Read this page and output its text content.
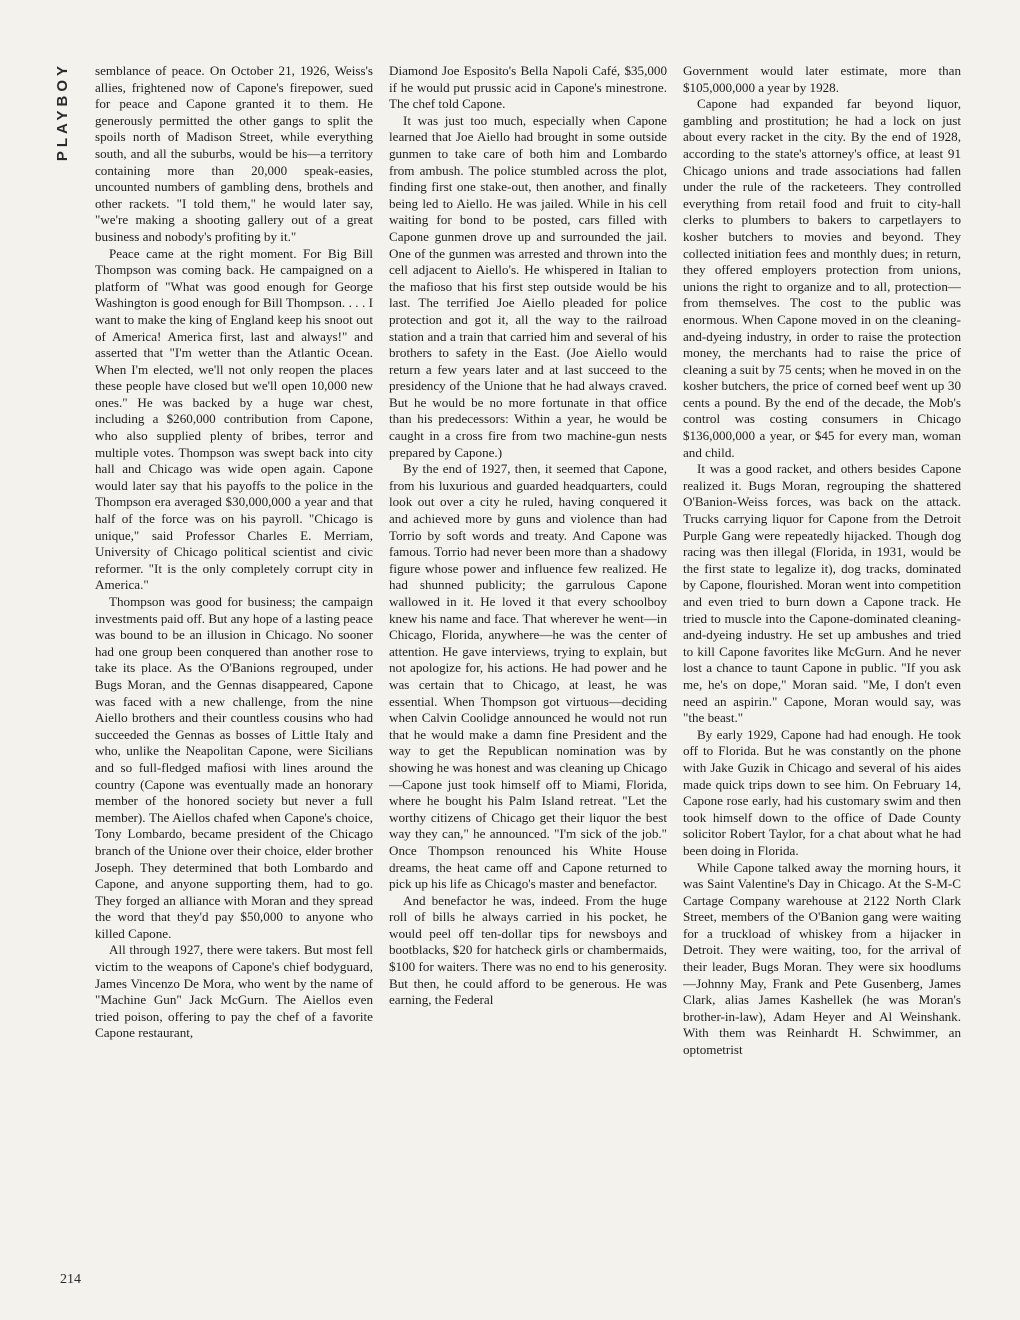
PLAYBOY	semblance of peace. On October 21, 1926, Weiss's allies, frightened now of Capone's firepower, sued for peace and Capone granted it to them. He generously permitted the other gangs to split the spoils north of Madison Street, while everything south, and all the suburbs, would be his—a territory containing more than 20,000 speak-easies, uncounted numbers of gambling dens, brothels and other rackets. "I told them," he would later say, "we're making a shooting gallery out of a great business and nobody's profiting by it."

Peace came at the right moment. For Big Bill Thompson was coming back. He campaigned on a platform of "What was good enough for George Washington is good enough for Bill Thompson. . . . I want to make the king of England keep his snoot out of America! America first, last and always!" and asserted that "I'm wetter than the Atlantic Ocean. When I'm elected, we'll not only reopen the places these people have closed but we'll open 10,000 new ones." He was backed by a huge war chest, including a $260,000 contribution from Capone, who also supplied plenty of bribes, terror and multiple votes. Thompson was swept back into city hall and Chicago was wide open again. Capone would later say that his payoffs to the police in the Thompson era averaged $30,000,000 a year and that half of the force was on his payroll. "Chicago is unique," said Professor Charles E. Merriam, University of Chicago political scientist and civic reformer. "It is the only completely corrupt city in America."

Thompson was good for business; the campaign investments paid off. But any hope of a lasting peace was bound to be an illusion in Chicago. No sooner had one group been conquered than another rose to take its place. As the O'Banions regrouped, under Bugs Moran, and the Gennas disappeared, Capone was faced with a new challenge, from the nine Aiello brothers and their countless cousins who had succeeded the Gennas as bosses of Little Italy and who, unlike the Neapolitan Capone, were Sicilians and so full-fledged mafiosi with lines around the country (Capone was eventually made an honorary member of the honored society but never a full member). The Aiellos chafed when Capone's choice, Tony Lombardo, became president of the Chicago branch of the Unione over their choice, elder brother Joseph. They determined that both Lombardo and Capone, and anyone supporting them, had to go. They forged an alliance with Moran and they spread the word that they'd pay $50,000 to anyone who killed Capone.

All through 1927, there were takers. But most fell victim to the weapons of Capone's chief bodyguard, James Vincenzo De Mora, who went by the name of "Machine Gun" Jack McGurn. The Aiellos even tried poison, offering to pay the chef of a favorite Capone restaurant,

Diamond Joe Esposito's Bella Napoli Café, $35,000 if he would put prussic acid in Capone's minestrone. The chef told Capone.

It was just too much, especially when Capone learned that Joe Aiello had brought in some outside gunmen to take care of both him and Lombardo from ambush. The police stumbled across the plot, finding first one stake-out, then another, and finally being led to Aiello. He was jailed. While in his cell waiting for bond to be posted, cars filled with Capone gunmen drove up and surrounded the jail. One of the gunmen was arrested and thrown into the cell adjacent to Aiello's. He whispered in Italian to the mafioso that his first step outside would be his last. The terrified Joe Aiello pleaded for police protection and got it, all the way to the railroad station and a train that carried him and several of his brothers to safety in the East. (Joe Aiello would return a few years later and at last succeed to the presidency of the Unione that he had always craved. But he would be no more fortunate in that office than his predecessors: Within a year, he would be caught in a cross fire from two machine-gun nests prepared by Capone.)

By the end of 1927, then, it seemed that Capone, from his luxurious and guarded headquarters, could look out over a city he ruled, having conquered it and achieved more by guns and violence than had Torrio by soft words and treaty. And Capone was famous. Torrio had never been more than a shadowy figure whose power and influence few realized. He had shunned publicity; the garrulous Capone wallowed in it. He loved it that every schoolboy knew his name and face. That wherever he went—in Chicago, Florida, anywhere—he was the center of attention. He gave interviews, trying to explain, but not apologize for, his actions. He had power and he was certain that to Chicago, at least, he was essential. When Thompson got virtuous—deciding when Calvin Coolidge announced he would not run that he would make a damn fine President and the way to get the Republican nomination was by showing he was honest and was cleaning up Chicago—Capone just took himself off to Miami, Florida, where he bought his Palm Island retreat. "Let the worthy citizens of Chicago get their liquor the best way they can," he announced. "I'm sick of the job." Once Thompson renounced his White House dreams, the heat came off and Capone returned to pick up his life as Chicago's master and benefactor.

And benefactor he was, indeed. From the huge roll of bills he always carried in his pocket, he would peel off ten-dollar tips for newsboys and bootblacks, $20 for hatcheck girls or chambermaids, $100 for waiters. There was no end to his generosity. But then, he could afford to be generous. He was earning, the Federal

Government would later estimate, more than $105,000,000 a year by 1928.

Capone had expanded far beyond liquor, gambling and prostitution; he had a lock on just about every racket in the city. By the end of 1928, according to the state's attorney's office, at least 91 Chicago unions and trade associations had fallen under the rule of the racketeers. They controlled everything from retail food and fruit to city-hall clerks to plumbers to bakers to carpetlayers to kosher butchers to movies and beyond. They collected initiation fees and monthly dues; in return, they offered employers protection from unions, unions the right to organize and to all, protection—from themselves. The cost to the public was enormous. When Capone moved in on the cleaning-and-dyeing industry, in order to raise the protection money, the merchants had to raise the price of cleaning a suit by 75 cents; when he moved in on the kosher butchers, the price of corned beef went up 30 cents a pound. By the end of the decade, the Mob's control was costing consumers in Chicago $136,000,000 a year, or $45 for every man, woman and child.

It was a good racket, and others besides Capone realized it. Bugs Moran, regrouping the shattered O'Banion-Weiss forces, was back on the attack. Trucks carrying liquor for Capone from the Detroit Purple Gang were repeatedly hijacked. Though dog racing was then illegal (Florida, in 1931, would be the first state to legalize it), dog tracks, dominated by Capone, flourished. Moran went into competition and even tried to burn down a Capone track. He tried to muscle into the Capone-dominated cleaning-and-dyeing industry. He set up ambushes and tried to kill Capone favorites like McGurn. And he never lost a chance to taunt Capone in public. "If you ask me, he's on dope," Moran said. "Me, I don't even need an aspirin." Capone, Moran would say, was "the beast."

By early 1929, Capone had had enough. He took off to Florida. But he was constantly on the phone with Jake Guzik in Chicago and several of his aides made quick trips down to see him. On February 14, Capone rose early, had his customary swim and then took himself down to the office of Dade County solicitor Robert Taylor, for a chat about what he had been doing in Florida.

While Capone talked away the morning hours, it was Saint Valentine's Day in Chicago. At the S-M-C Cartage Company warehouse at 2122 North Clark Street, members of the O'Banion gang were waiting for a truckload of whiskey from a hijacker in Detroit. They were waiting, too, for the arrival of their leader, Bugs Moran. They were six hoodlums—Johnny May, Frank and Pete Gusenberg, James Clark, alias James Kashellek (he was Moran's brother-in-law), Adam Heyer and Al Weinshank. With them was Reinhardt H. Schwimmer, an optometrist

214
